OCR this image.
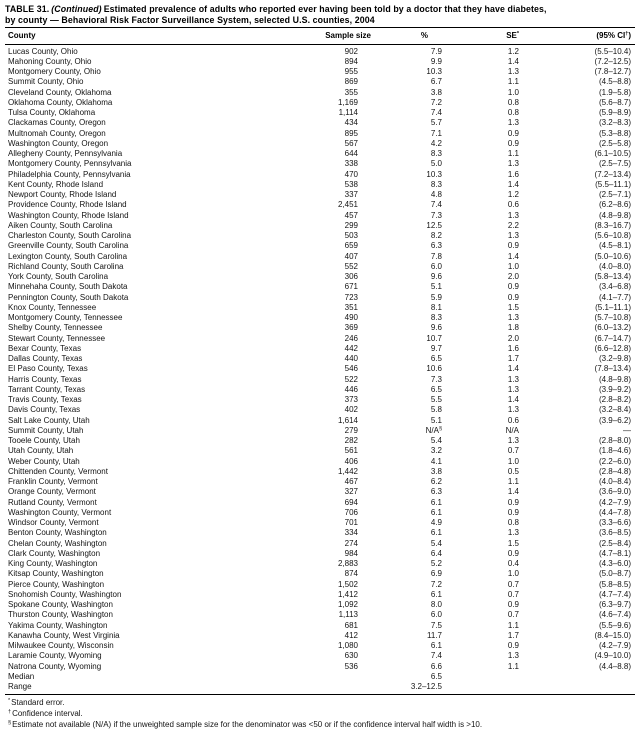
TABLE 31. (Continued) Estimated prevalence of adults who reported ever having been told by a doctor that they have diabetes,
by county — Behavioral Risk Factor Surveillance System, selected U.S. counties, 2004
County	Sample size	%	SE*	(95% CI†)
Lucas County, Ohio	902	7.9	1.2	(5.5–10.4)
Mahoning County, Ohio	894	9.9	1.4	(7.2–12.5)
Montgomery County, Ohio	955	10.3	1.3	(7.8–12.7)
Summit County, Ohio	869	6.7	1.1	(4.5–8.8)
Cleveland County, Oklahoma	355	3.8	1.0	(1.9–5.8)
Oklahoma County, Oklahoma	1,169	7.2	0.8	(5.6–8.7)
Tulsa County, Oklahoma	1,114	7.4	0.8	(5.9–8.9)
Clackamas County, Oregon	434	5.7	1.3	(3.2–8.3)
Multnomah County, Oregon	895	7.1	0.9	(5.3–8.8)
Washington County, Oregon	567	4.2	0.9	(2.5–5.8)
Allegheny County, Pennsylvania	644	8.3	1.1	(6.1–10.5)
Montgomery County, Pennsylvania	338	5.0	1.3	(2.5–7.5)
Philadelphia County, Pennsylvania	470	10.3	1.6	(7.2–13.4)
Kent County, Rhode Island	538	8.3	1.4	(5.5–11.1)
Newport County, Rhode Island	337	4.8	1.2	(2.5–7.1)
Providence County, Rhode Island	2,451	7.4	0.6	(6.2–8.6)
Washington County, Rhode Island	457	7.3	1.3	(4.8–9.8)
Aiken County, South Carolina	299	12.5	2.2	(8.3–16.7)
Charleston County, South Carolina	503	8.2	1.3	(5.6–10.8)
Greenville County, South Carolina	659	6.3	0.9	(4.5–8.1)
Lexington County, South Carolina	407	7.8	1.4	(5.0–10.6)
Richland County, South Carolina	552	6.0	1.0	(4.0–8.0)
York County, South Carolina	306	9.6	2.0	(5.8–13.4)
Minnehaha County, South Dakota	671	5.1	0.9	(3.4–6.8)
Pennington County, South Dakota	723	5.9	0.9	(4.1–7.7)
Knox County, Tennessee	351	8.1	1.5	(5.1–11.1)
Montgomery County, Tennessee	490	8.3	1.3	(5.7–10.8)
Shelby County, Tennessee	369	9.6	1.8	(6.0–13.2)
Stewart County, Tennessee	246	10.7	2.0	(6.7–14.7)
Bexar County, Texas	442	9.7	1.6	(6.6–12.8)
Dallas County, Texas	440	6.5	1.7	(3.2–9.8)
El Paso County, Texas	546	10.6	1.4	(7.8–13.4)
Harris County, Texas	522	7.3	1.3	(4.8–9.8)
Tarrant County, Texas	446	6.5	1.3	(3.9–9.2)
Travis County, Texas	373	5.5	1.4	(2.8–8.2)
Davis County, Texas	402	5.8	1.3	(3.2–8.4)
Salt Lake County, Utah	1,614	5.1	0.6	(3.9–6.2)
Summit County, Utah	279	N/A§	N/A	—
Tooele County, Utah	282	5.4	1.3	(2.8–8.0)
Utah County, Utah	561	3.2	0.7	(1.8–4.6)
Weber County, Utah	406	4.1	1.0	(2.2–6.0)
Chittenden County, Vermont	1,442	3.8	0.5	(2.8–4.8)
Franklin County, Vermont	467	6.2	1.1	(4.0–8.4)
Orange County, Vermont	327	6.3	1.4	(3.6–9.0)
Rutland County, Vermont	694	6.1	0.9	(4.2–7.9)
Washington County, Vermont	706	6.1	0.9	(4.4–7.8)
Windsor County, Vermont	701	4.9	0.8	(3.3–6.6)
Benton County, Washington	334	6.1	1.3	(3.6–8.5)
Chelan County, Washington	274	5.4	1.5	(2.5–8.4)
Clark County, Washington	984	6.4	0.9	(4.7–8.1)
King County, Washington	2,883	5.2	0.4	(4.3–6.0)
Kitsap County, Washington	874	6.9	1.0	(5.0–8.7)
Pierce County, Washington	1,502	7.2	0.7	(5.8–8.5)
Snohomish County, Washington	1,412	6.1	0.7	(4.7–7.4)
Spokane County, Washington	1,092	8.0	0.9	(6.3–9.7)
Thurston County, Washington	1,113	6.0	0.7	(4.6–7.4)
Yakima County, Washington	681	7.5	1.1	(5.5–9.6)
Kanawha County, West Virginia	412	11.7	1.7	(8.4–15.0)
Milwaukee County, Wisconsin	1,080	6.1	0.9	(4.2–7.9)
Laramie County, Wyoming	630	7.4	1.3	(4.9–10.0)
Natrona County, Wyoming	536	6.6	1.1	(4.4–8.8)
Median		6.5		
Range		3.2–12.5		
*Standard error.
†Confidence interval.
§Estimate not available (N/A) if the unweighted sample size for the denominator was <50 or if the confidence interval half width is >10.
